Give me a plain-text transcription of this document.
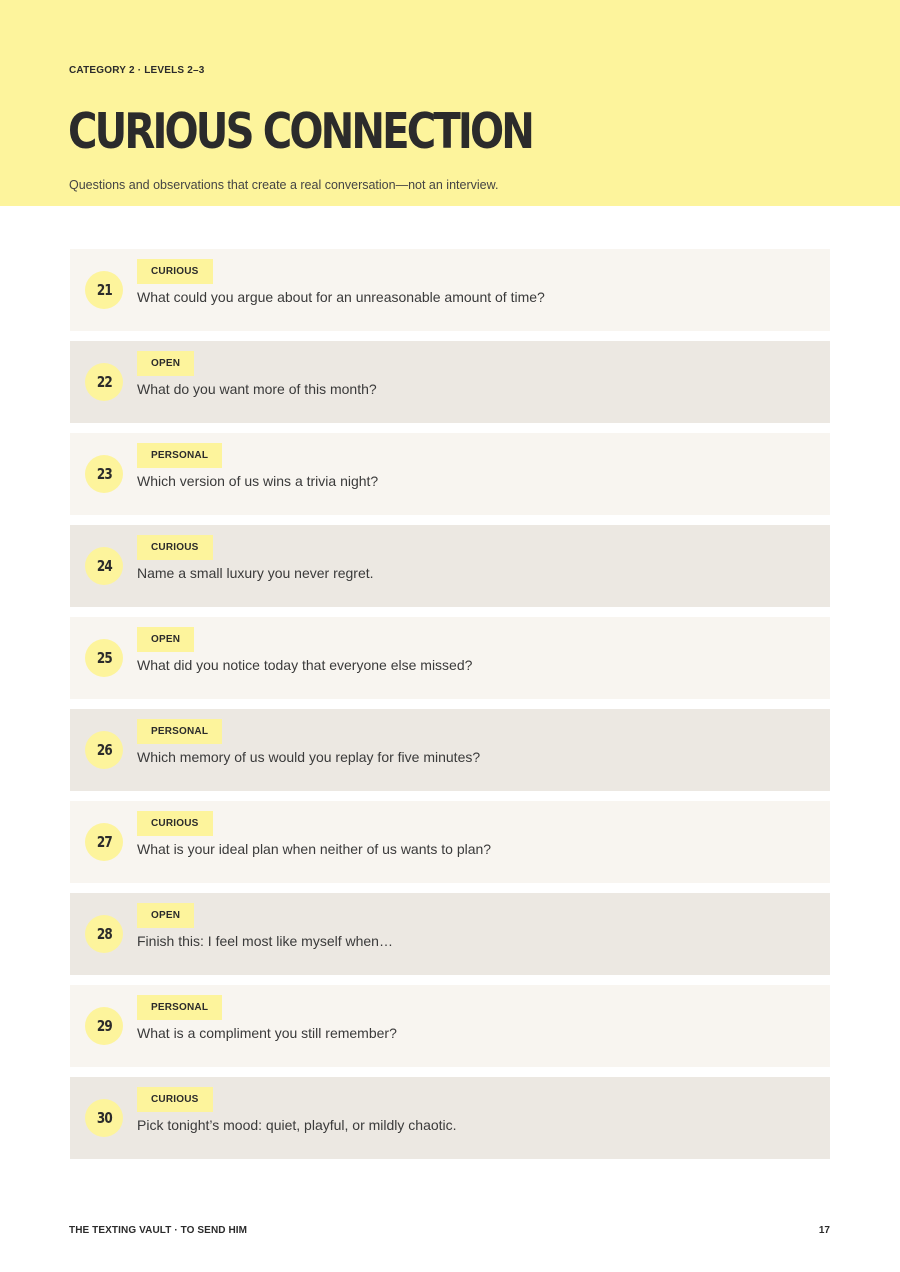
CATEGORY 2 · LEVELS 2–3
CURIOUS CONNECTION
Questions and observations that create a real conversation—not an interview.
21
CURIOUS
What could you argue about for an unreasonable amount of time?
22
OPEN
What do you want more of this month?
23
PERSONAL
Which version of us wins a trivia night?
24
CURIOUS
Name a small luxury you never regret.
25
OPEN
What did you notice today that everyone else missed?
26
PERSONAL
Which memory of us would you replay for five minutes?
27
CURIOUS
What is your ideal plan when neither of us wants to plan?
28
OPEN
Finish this: I feel most like myself when…
29
PERSONAL
What is a compliment you still remember?
30
CURIOUS
Pick tonight’s mood: quiet, playful, or mildly chaotic.
THE TEXTING VAULT · TO SEND HIM	17
